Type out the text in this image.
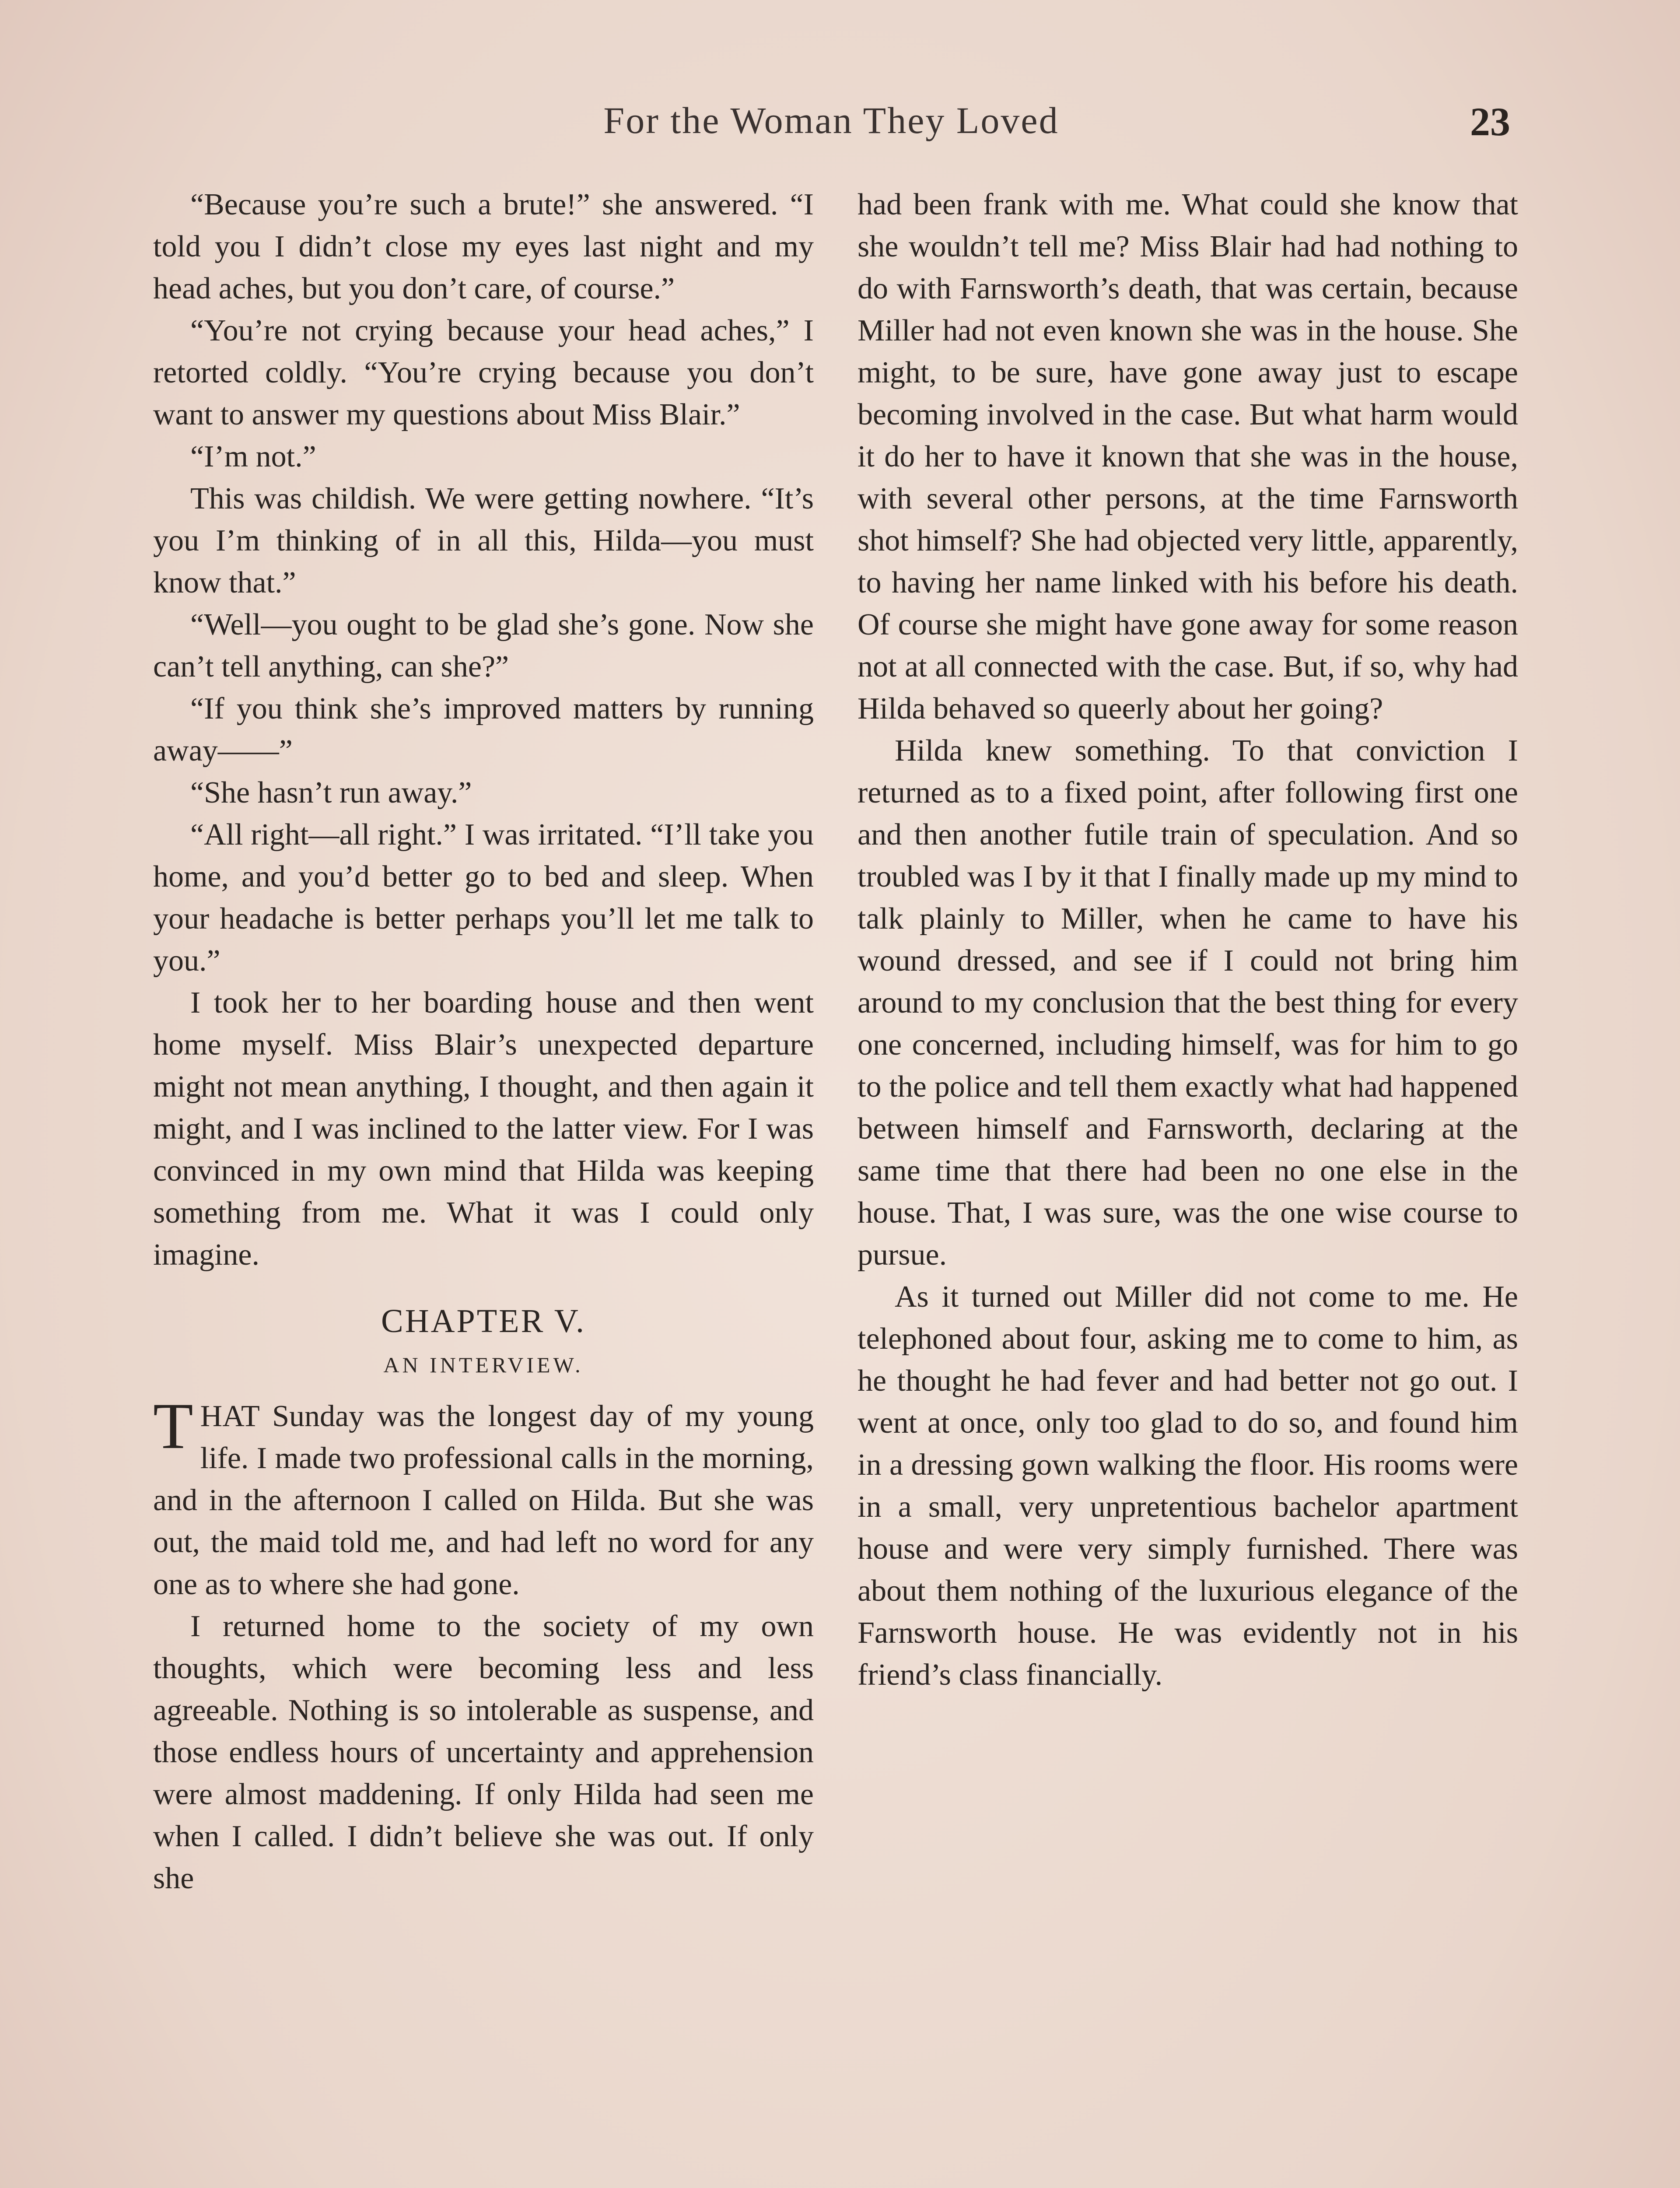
For the Woman They Loved	23

“Because you’re such a brute!” she answered. “I told you I didn’t close my eyes last night and my head aches, but you don’t care, of course.”

“You’re not crying because your head aches,” I retorted coldly. “You’re crying because you don’t want to answer my questions about Miss Blair.”

“I’m not.”

This was childish. We were getting nowhere. “It’s you I’m thinking of in all this, Hilda—you must know that.”

“Well—you ought to be glad she’s gone. Now she can’t tell anything, can she?”

“If you think she’s improved matters by running away——”

“She hasn’t run away.”

“All right—all right.” I was irritated. “I’ll take you home, and you’d better go to bed and sleep. When your headache is better perhaps you’ll let me talk to you.”

I took her to her boarding house and then went home myself. Miss Blair’s unexpected departure might not mean anything, I thought, and then again it might, and I was inclined to the latter view. For I was convinced in my own mind that Hilda was keeping something from me. What it was I could only imagine.

CHAPTER V.
AN INTERVIEW.

THAT Sunday was the longest day of my young life. I made two professional calls in the morning, and in the afternoon I called on Hilda. But she was out, the maid told me, and had left no word for any one as to where she had gone.

I returned home to the society of my own thoughts, which were becoming less and less agreeable. Nothing is so intolerable as suspense, and those endless hours of uncertainty and apprehension were almost maddening. If only Hilda had seen me when I called. I didn’t believe she was out. If only she

had been frank with me. What could she know that she wouldn’t tell me? Miss Blair had had nothing to do with Farnsworth’s death, that was certain, because Miller had not even known she was in the house. She might, to be sure, have gone away just to escape becoming involved in the case. But what harm would it do her to have it known that she was in the house, with several other persons, at the time Farnsworth shot himself? She had objected very little, apparently, to having her name linked with his before his death. Of course she might have gone away for some reason not at all connected with the case. But, if so, why had Hilda behaved so queerly about her going?

Hilda knew something. To that conviction I returned as to a fixed point, after following first one and then another futile train of speculation. And so troubled was I by it that I finally made up my mind to talk plainly to Miller, when he came to have his wound dressed, and see if I could not bring him around to my conclusion that the best thing for every one concerned, including himself, was for him to go to the police and tell them exactly what had happened between himself and Farnsworth, declaring at the same time that there had been no one else in the house. That, I was sure, was the one wise course to pursue.

As it turned out Miller did not come to me. He telephoned about four, asking me to come to him, as he thought he had fever and had better not go out. I went at once, only too glad to do so, and found him in a dressing gown walking the floor. His rooms were in a small, very unpretentious bachelor apartment house and were very simply furnished. There was about them nothing of the luxurious elegance of the Farnsworth house. He was evidently not in his friend’s class financially.
